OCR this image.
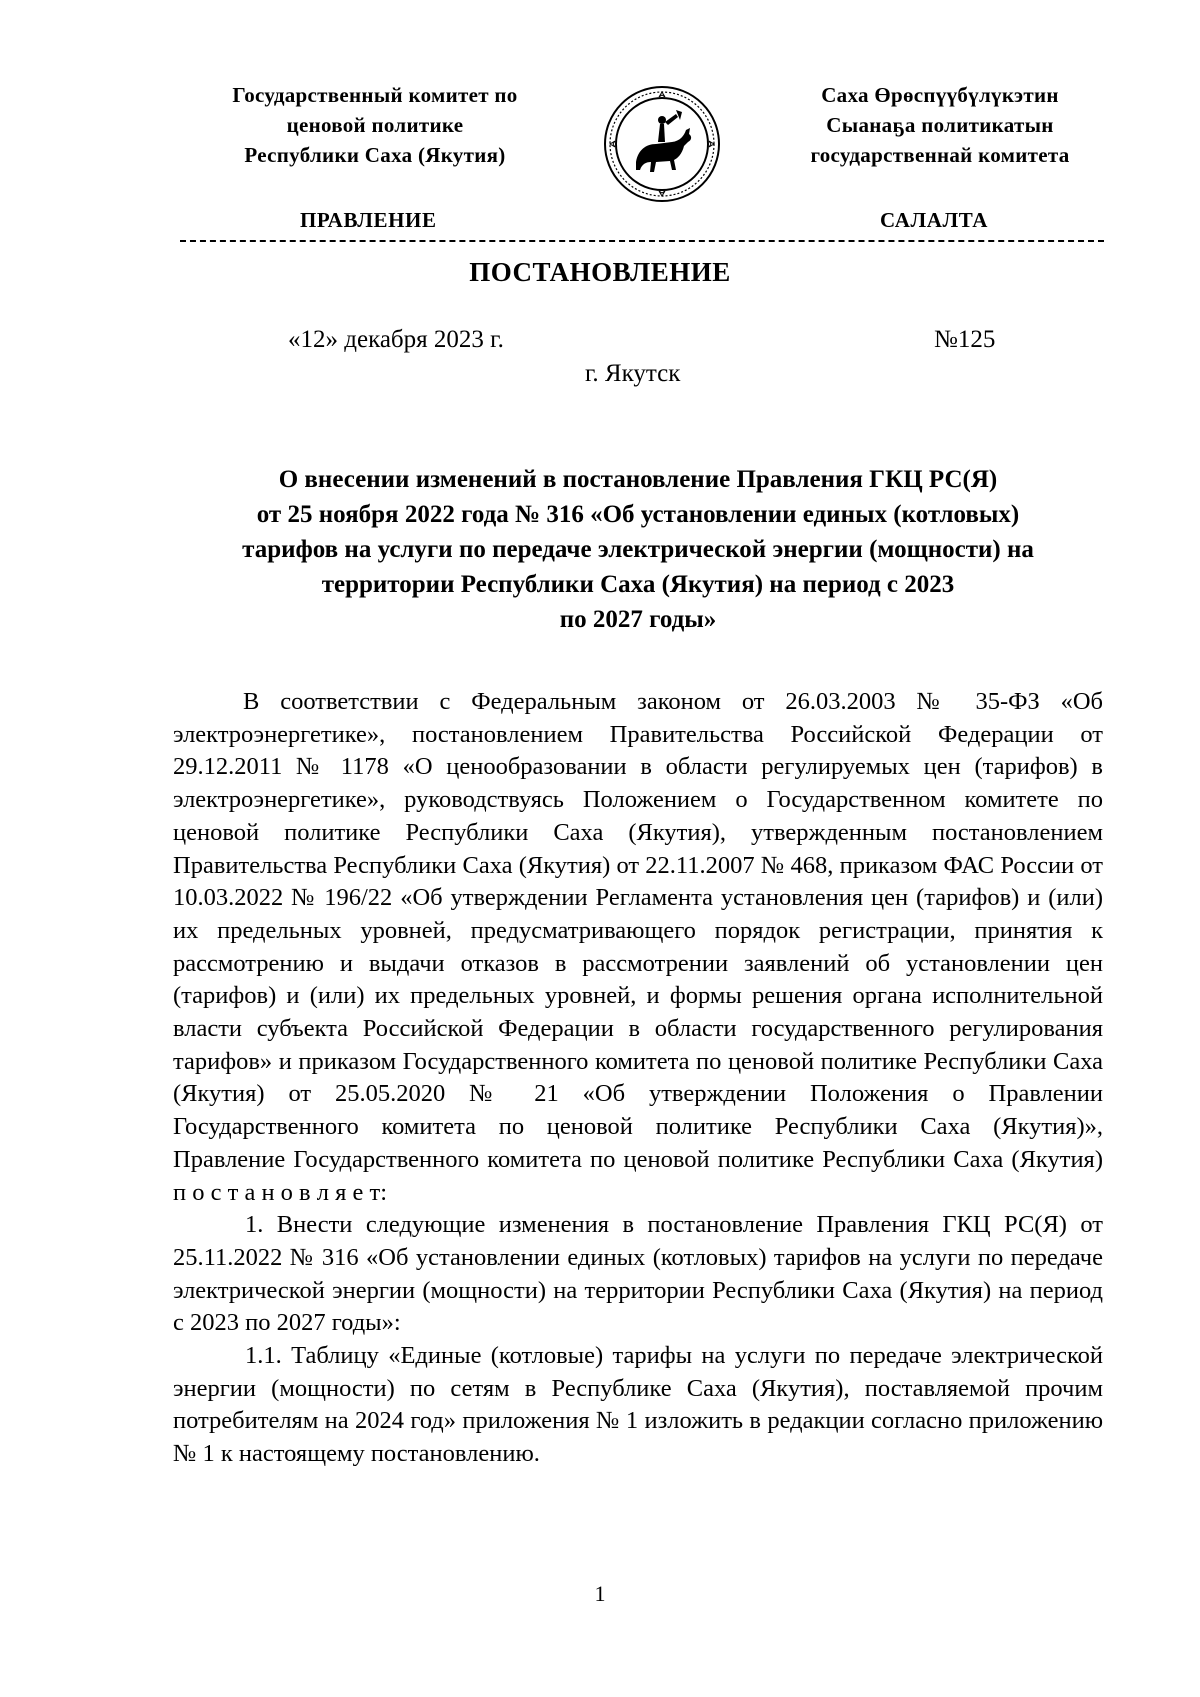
Государственный комитет по
ценовой политике
Республики Саха (Якутия)
Саха Өрөспүүбүлүкэтин
Сыанаҕа политикатын
государственнай комитета
ПРАВЛЕНИЕ	САЛАЛТА
ПОСТАНОВЛЕНИЕ
«12» декабря 2023 г.	№125
г. Якутск
О внесении изменений в постановление Правления ГКЦ РС(Я)
от 25 ноября 2022 года № 316 «Об установлении единых (котловых)
тарифов на услуги по передаче электрической энергии (мощности) на
территории Республики Саха (Якутия) на период с 2023
по 2027 годы»

В соответствии с Федеральным законом от 26.03.2003 № 35-ФЗ «Об электроэнергетике», постановлением Правительства Российской Федерации от 29.12.2011 № 1178 «О ценообразовании в области регулируемых цен (тарифов) в электроэнергетике», руководствуясь Положением о Государственном комитете по ценовой политике Республики Саха (Якутия), утвержденным постановлением Правительства Республики Саха (Якутия) от 22.11.2007 № 468, приказом ФАС России от 10.03.2022 № 196/22 «Об утверждении Регламента установления цен (тарифов) и (или) их предельных уровней, предусматривающего порядок регистрации, принятия к рассмотрению и выдачи отказов в рассмотрении заявлений об установлении цен (тарифов) и (или) их предельных уровней, и формы решения органа исполнительной власти субъекта Российской Федерации в области государственного регулирования тарифов» и приказом Государственного комитета по ценовой политике Республики Саха (Якутия) от 25.05.2020 № 21 «Об утверждении Положения о Правлении Государственного комитета по ценовой политике Республики Саха (Якутия)», Правление Государственного комитета по ценовой политике Республики Саха (Якутия) п о с т а н о в л я е т:

1. Внести следующие изменения в постановление Правления ГКЦ РС(Я) от 25.11.2022 № 316 «Об установлении единых (котловых) тарифов на услуги по передаче электрической энергии (мощности) на территории Республики Саха (Якутия) на период с 2023 по 2027 годы»:

1.1. Таблицу «Единые (котловые) тарифы на услуги по передаче электрической энергии (мощности) по сетям в Республике Саха (Якутия), поставляемой прочим потребителям на 2024 год» приложения № 1 изложить в редакции согласно приложению № 1 к настоящему постановлению.

1
